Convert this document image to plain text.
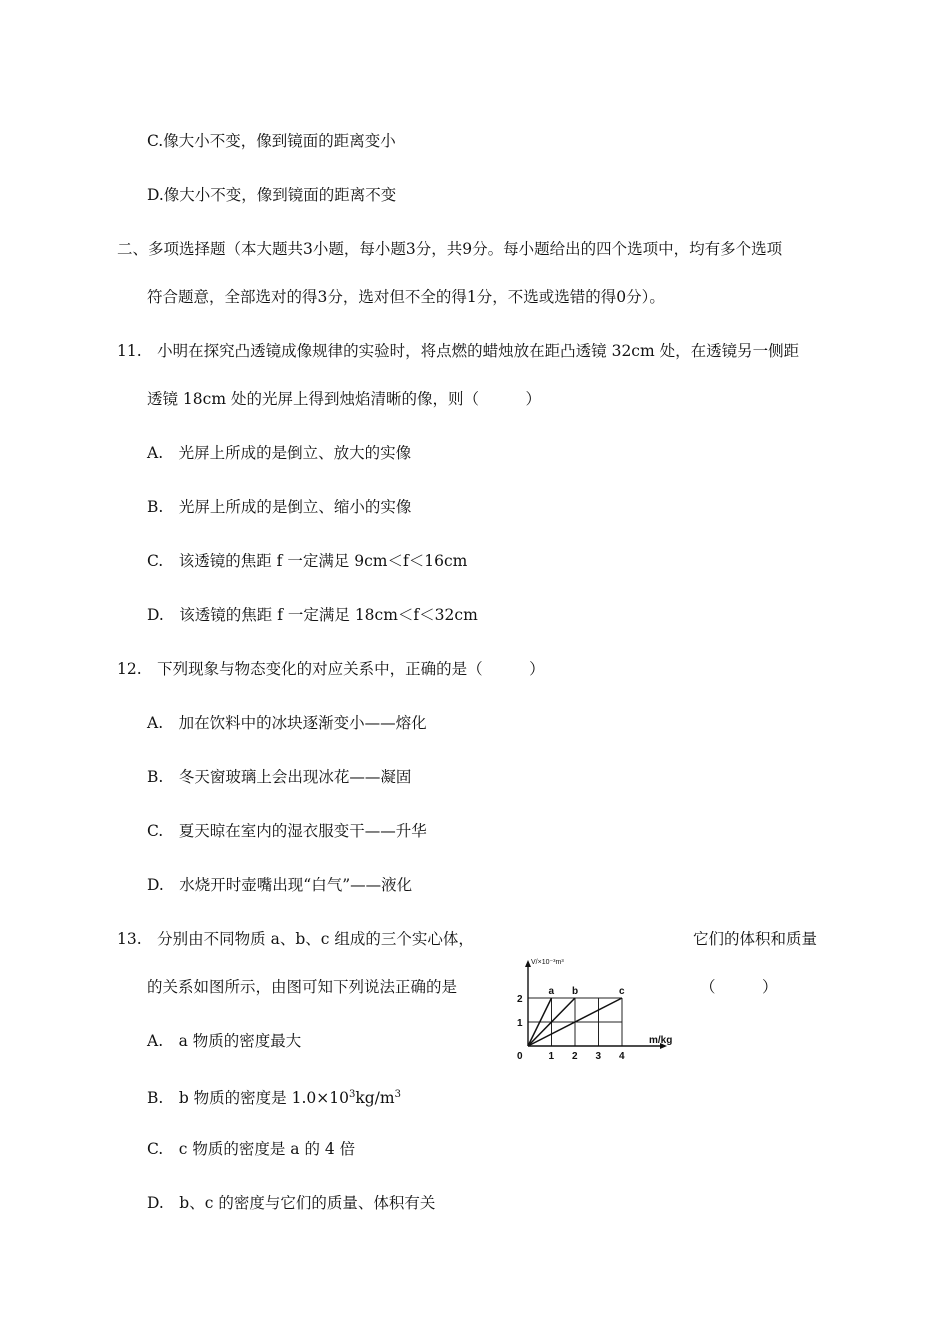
C.像大小不变，像到镜面的距离变小
D.像大小不变，像到镜面的距离不变
二、多项选择题（本大题共3小题，每小题3分，共9分。每小题给出的四个选项中，均有多个选项
符合题意，全部选对的得3分，选对但不全的得1分，不选或选错的得0分）。
11.　小明在探究凸透镜成像规律的实验时，将点燃的蜡烛放在距凸透镜 32cm 处，在透镜另一侧距
透镜 18cm 处的光屏上得到烛焰清晰的像，则（　　　）
A.　光屏上所成的是倒立、放大的实像
B.　光屏上所成的是倒立、缩小的实像
C.　该透镜的焦距 f 一定满足 9cm＜f＜16cm
D.　该透镜的焦距 f 一定满足 18cm＜f＜32cm
12.　下列现象与物态变化的对应关系中，正确的是（　　　）
A.　加在饮料中的冰块逐渐变小——熔化
B.　冬天窗玻璃上会出现冰花——凝固
C.　夏天晾在室内的湿衣服变干——升华
D.　水烧开时壶嘴出现“白气”——液化
13.　分别由不同物质 a、b、c 组成的三个实心体，	它们的体积和质量
的关系如图所示，由图可知下列说法正确的是	（　　　）
A.　a 物质的密度最大
B.　b 物质的密度是 $1.0\times 10^3kg/m^3$
C.　c 物质的密度是 a 的 4 倍
D.　b、c 的密度与它们的质量、体积有关
a b	c
0	1 2 3 4
1
2
V/×10⁻³m³
m/kg
